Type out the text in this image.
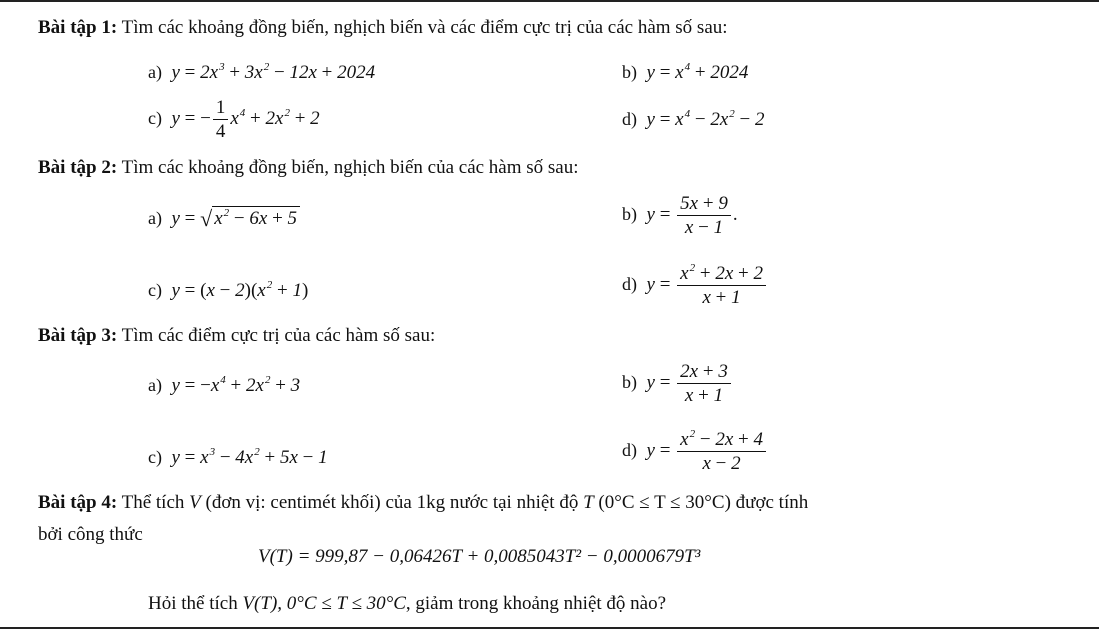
Bài tập 1: Tìm các khoảng đồng biến, nghịch biến và các điểm cực trị của các hàm số sau:
a) $y = 2x^3 + 3x^2 - 12x + 2024$	b) $y = x^4 + 2024$
c) y = − $\frac{1}{4} x^4 + 2x^2 + 2$	d) $y = x^4 - 2x^2 - 2$
Bài tập 2: Tìm các khoảng đồng biến, nghịch biến của các hàm số sau:
a) y = √ $x^2 - 6x + 5$	b) $y = \frac{5x + 9}{x - 1}$ .
c) $y = (x - 2)(x^2 + 1)$	d) $y = \frac{x^2 + 2x + 2}{x + 1}$
Bài tập 3: Tìm các điểm cực trị của các hàm số sau:
a) $y = -x^4 + 2x^2 + 3$	b) $y = \frac{2x + 3}{x + 1}$
c) $y = x^3 - 4x^2 + 5x - 1$	d) $y = \frac{x^2 - 2x + 4}{x - 2}$
Bài tập 4: Thể tích V (đơn vị: centimét khối) của 1kg nước tại nhiệt độ T (0°C ≤ T ≤ 30°C) được tính
bởi công thức
V(T) = 999,87 − 0,06426T + 0,0085043T² − 0,0000679T³
Hỏi thể tích V(T), 0°C ≤ T ≤ 30°C, giảm trong khoảng nhiệt độ nào?
